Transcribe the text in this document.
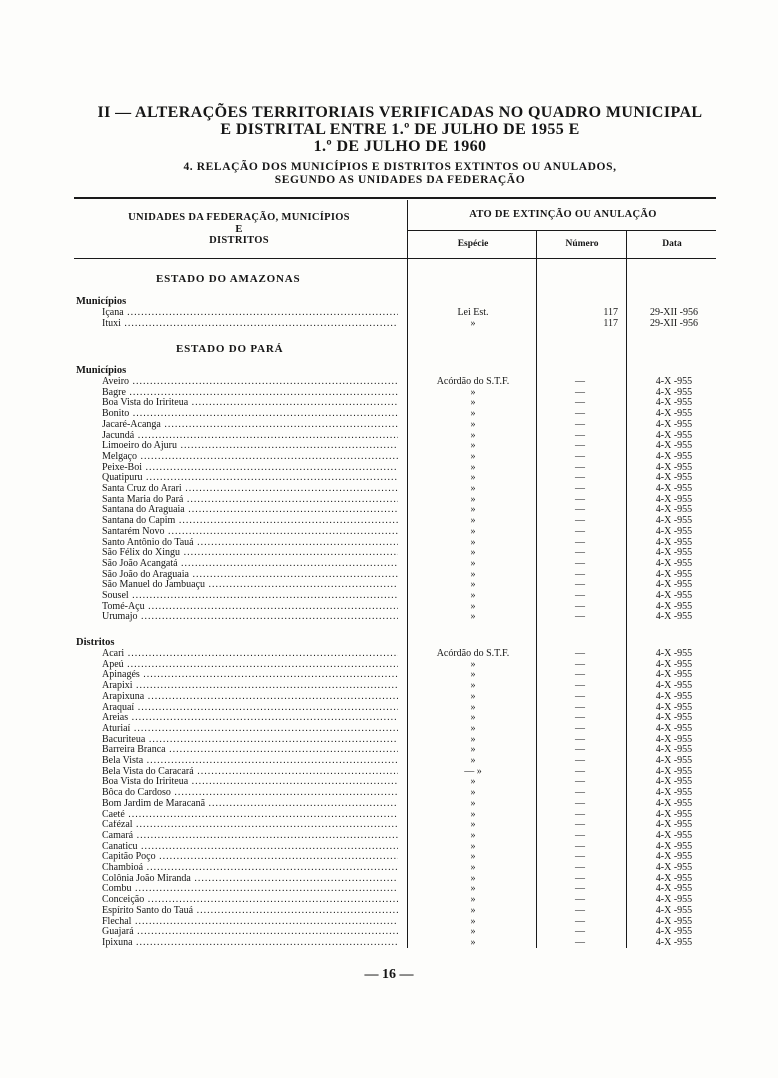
II — ALTERAÇÕES TERRITORIAIS VERIFICADAS NO QUADRO MUNICIPAL
E DISTRITAL ENTRE 1.º DE JULHO DE 1955 E
1.º DE JULHO DE 1960
4. RELAÇÃO DOS MUNICÍPIOS E DISTRITOS EXTINTOS OU ANULADOS,
SEGUNDO AS UNIDADES DA FEDERAÇÃO
UNIDADES DA FEDERAÇÃO, MUNICÍPIOS
E
DISTRITOS
ATO DE EXTINÇÃO OU ANULAÇÃO
Espécie	Número	Data
ESTADO DO AMAZONAS
Municípios
Içana .....	Lei Est.	117	29-XII -956
Ituxi .....	»	117	29-XII -956
ESTADO DO PARÁ
Municípios
Aveiro .....	Acórdão do S.T.F.	—	4-X -955
Bagre .....	»	—	4-X -955
Boa Vista do Iririteua .....	»	—	4-X -955
Bonito .....	»	—	4-X -955
Jacaré-Acanga .....	»	—	4-X -955
Jacundá .....	»	—	4-X -955
Limoeiro do Ajuru .....	»	—	4-X -955
Melgaço .....	»	—	4-X -955
Peixe-Boi .....	»	—	4-X -955
Quatipuru .....	»	—	4-X -955
Santa Cruz do Arari .....	»	—	4-X -955
Santa Maria do Pará .....	»	—	4-X -955
Santana do Araguaia .....	»	—	4-X -955
Santana do Capim .....	»	—	4-X -955
Santarém Novo .....	»	—	4-X -955
Santo Antônio do Tauá .....	»	—	4-X -955
São Félix do Xingu .....	»	—	4-X -955
São João Acangatá .....	»	—	4-X -955
São João do Araguaia .....	»	—	4-X -955
São Manuel do Jambuaçu .....	»	—	4-X -955
Sousel .....	»	—	4-X -955
Tomé-Açu .....	»	—	4-X -955
Urumajo .....	»	—	4-X -955
Distritos
Acari .....	Acórdão do S.T.F.	—	4-X -955
Apeú .....	»	—	4-X -955
Apinagés .....	»	—	4-X -955
Arapixi .....	»	—	4-X -955
Arapixuna .....	»	—	4-X -955
Araquaí .....	»	—	4-X -955
Areias .....	»	—	4-X -955
Aturiaí .....	»	—	4-X -955
Bacuriteua .....	»	—	4-X -955
Barreira Branca .....	»	—	4-X -955
Bela Vista .....	»	—	4-X -955
Bela Vista do Caracará .....	— »	—	4-X -955
Boa Vista do Iririteua .....	»	—	4-X -955
Bôca do Cardoso .....	»	—	4-X -955
Bom Jardim de Maracanã .....	»	—	4-X -955
Caeté .....	»	—	4-X -955
Cafézal .....	»	—	4-X -955
Camará .....	»	—	4-X -955
Canaticu .....	»	—	4-X -955
Capitão Poço .....	»	—	4-X -955
Chambioá .....	»	—	4-X -955
Colônia João Miranda .....	»	—	4-X -955
Combu .....	»	—	4-X -955
Conceição .....	»	—	4-X -955
Espírito Santo do Tauá .....	»	—	4-X -955
Flechal .....	»	—	4-X -955
Guajará .....	»	—	4-X -955
Ipixuna .....	»	—	4-X -955
— 16 —
